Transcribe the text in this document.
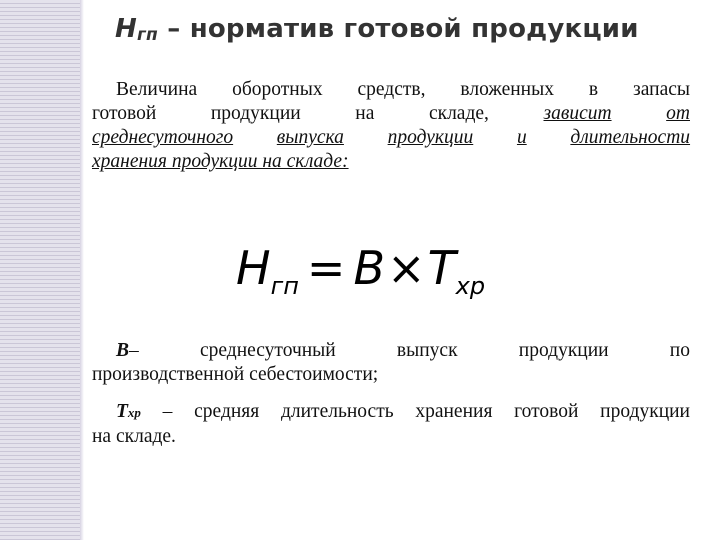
Нгп – норматив готовой продукции
Величина оборотных средств, вложенных в запасы
готовой продукции на складе, зависит	от
среднесуточного выпуска продукции и длительности
хранения продукции на складе:
$Н_{гп} = В\times Т_{хр}$
В– среднесуточный выпуск продукции по
производственной себестоимости;
Тхр – средняя длительность хранения готовой продукции
на складе.
